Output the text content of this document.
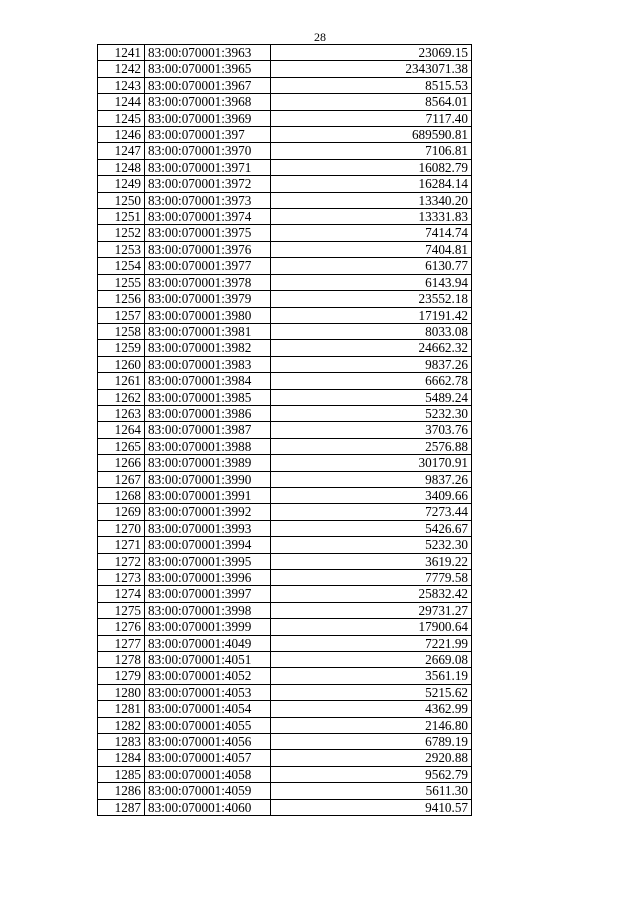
28
1241	83:00:070001:3963	23069.15
1242	83:00:070001:3965	2343071.38
1243	83:00:070001:3967	8515.53
1244	83:00:070001:3968	8564.01
1245	83:00:070001:3969	7117.40
1246	83:00:070001:397	689590.81
1247	83:00:070001:3970	7106.81
1248	83:00:070001:3971	16082.79
1249	83:00:070001:3972	16284.14
1250	83:00:070001:3973	13340.20
1251	83:00:070001:3974	13331.83
1252	83:00:070001:3975	7414.74
1253	83:00:070001:3976	7404.81
1254	83:00:070001:3977	6130.77
1255	83:00:070001:3978	6143.94
1256	83:00:070001:3979	23552.18
1257	83:00:070001:3980	17191.42
1258	83:00:070001:3981	8033.08
1259	83:00:070001:3982	24662.32
1260	83:00:070001:3983	9837.26
1261	83:00:070001:3984	6662.78
1262	83:00:070001:3985	5489.24
1263	83:00:070001:3986	5232.30
1264	83:00:070001:3987	3703.76
1265	83:00:070001:3988	2576.88
1266	83:00:070001:3989	30170.91
1267	83:00:070001:3990	9837.26
1268	83:00:070001:3991	3409.66
1269	83:00:070001:3992	7273.44
1270	83:00:070001:3993	5426.67
1271	83:00:070001:3994	5232.30
1272	83:00:070001:3995	3619.22
1273	83:00:070001:3996	7779.58
1274	83:00:070001:3997	25832.42
1275	83:00:070001:3998	29731.27
1276	83:00:070001:3999	17900.64
1277	83:00:070001:4049	7221.99
1278	83:00:070001:4051	2669.08
1279	83:00:070001:4052	3561.19
1280	83:00:070001:4053	5215.62
1281	83:00:070001:4054	4362.99
1282	83:00:070001:4055	2146.80
1283	83:00:070001:4056	6789.19
1284	83:00:070001:4057	2920.88
1285	83:00:070001:4058	9562.79
1286	83:00:070001:4059	5611.30
1287	83:00:070001:4060	9410.57
